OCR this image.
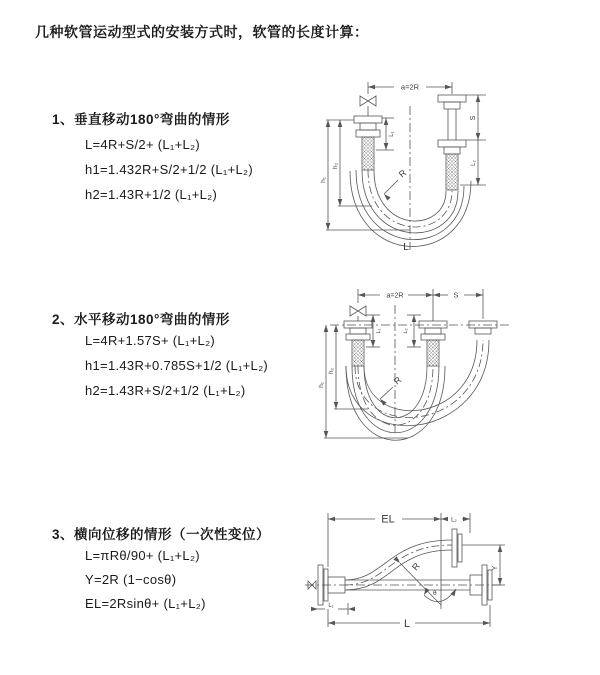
几种软管运动型式的安装方式时，软管的长度计算：
1、垂直移动180°弯曲的情形
L=4R+S/2+ (L₁+L₂)
h1=1.432R+S/2+1/2 (L₁+L₂)
h2=1.43R+1/2 (L₁+L₂)
2、水平移动180°弯曲的情形
L=4R+1.57S+ (L₁+L₂)
h1=1.43R+0.785S+1/2 (L₁+L₂)
h2=1.43R+S/2+1/2 (L₁+L₂)
3、横向位移的情形（一次性变位）
L=πRθ/90+ (L₁+L₂)
Y=2R (1−cosθ)
EL=2Rsinθ+ (L₁+L₂)
a=2R
h₁
h₂
L₁
S
L₂
R
L
a=2R	S
h₁
h₂
L₁	L₂
R
EL	L₂
Y
R
θ
L₁
L
